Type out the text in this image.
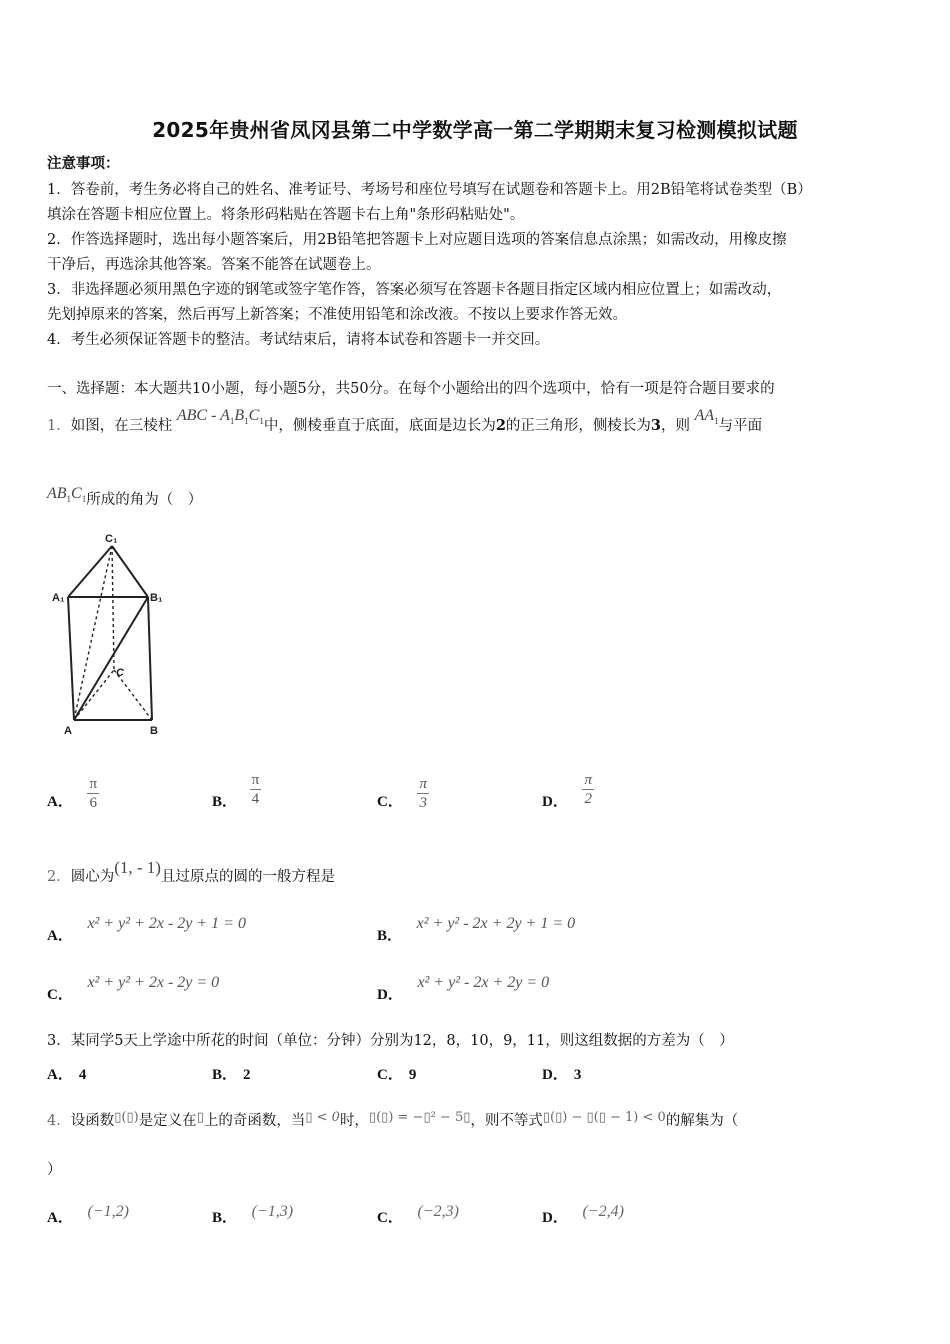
2025年贵州省凤冈县第二中学数学高一第二学期期末复习检测模拟试题
注意事项：
1．答卷前，考生务必将自己的姓名、准考证号、考场号和座位号填写在试题卷和答题卡上。用2B铅笔将试卷类型（B）
填涂在答题卡相应位置上。将条形码粘贴在答题卡右上角"条形码粘贴处"。
2．作答选择题时，选出每小题答案后，用2B铅笔把答题卡上对应题目选项的答案信息点涂黑；如需改动，用橡皮擦
干净后，再选涂其他答案。答案不能答在试题卷上。
3．非选择题必须用黑色字迹的钢笔或签字笔作答，答案必须写在答题卡各题目指定区域内相应位置上；如需改动，
先划掉原来的答案，然后再写上新答案；不准使用铅笔和涂改液。不按以上要求作答无效。
4．考生必须保证答题卡的整洁。考试结束后，请将本试卷和答题卡一并交回。
一、选择题：本大题共10小题，每小题5分，共50分。在每个小题给出的四个选项中，恰有一项是符合题目要求的
1．如图，在三棱柱 ABC - $A_1B_1C_1$中，侧棱垂直于底面，底面是边长为2的正三角形，侧棱长为3，则 $AA_1$与平面
$AB_1C_1$所成的角为（　）
C₁
A₁	B₁
C
A	B
A． $\frac{\pi}{6}$	B． $\frac{\pi}{4}$	C． $\frac{\pi}{3}$	D． $\frac{\pi}{2}$
2．圆心为(1, - 1)且过原点的圆的一般方程是
A． x² + y² + 2x - 2y + 1 = 0
B． x² + y² - 2x + 2y + 1 = 0
C． x² + y² + 2x - 2y = 0
D． x² + y² - 2x + 2y = 0
3．某同学5天上学途中所花的时间（单位：分钟）分别为12，8，10，9，11，则这组数据的方差为（　）
A． 4	B． 2	C． 9	D． 3
4．设函数▯(▯)是定义在▯上的奇函数，当▯ < 0时，▯(▯) = −▯² − 5▯，则不等式▯(▯) − ▯(▯ − 1) < 0的解集为（
）
A． (−1,2)	B． (−1,3)	C． (−2,3)	D． (−2,4)
